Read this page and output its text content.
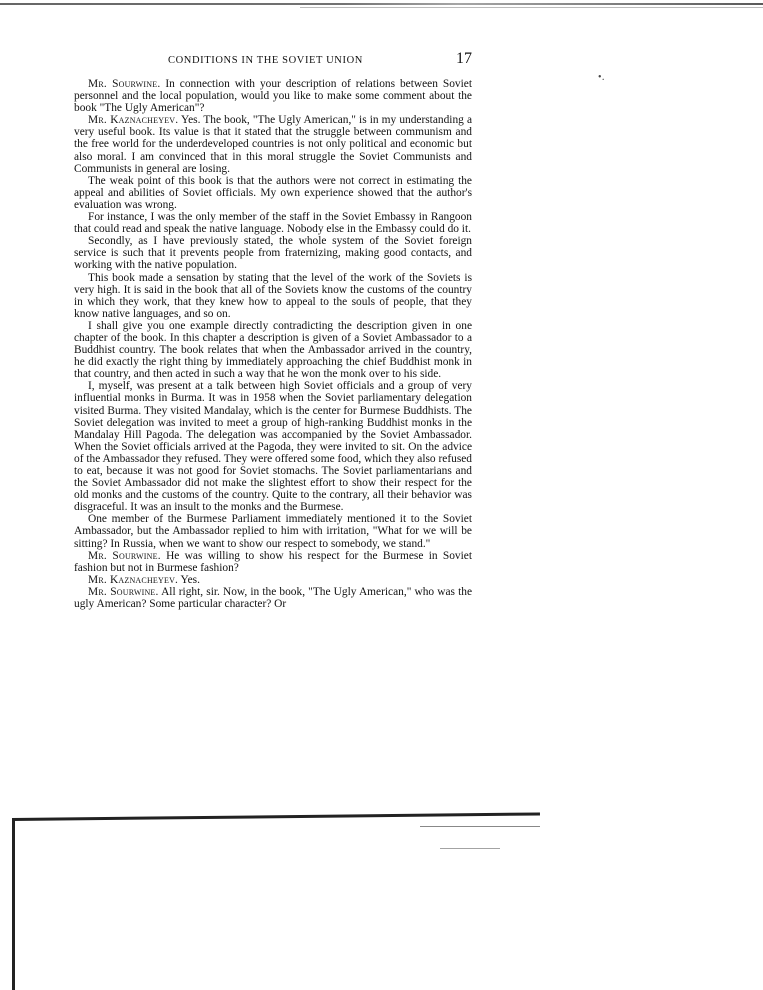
•․
CONDITIONS IN THE SOVIET UNION	17

Mr. Sourwine. In connection with your description of relations between Soviet personnel and the local population, would you like to make some comment about the book "The Ugly American"?

Mr. Kaznacheyev. Yes. The book, "The Ugly American," is in my understanding a very useful book. Its value is that it stated that the struggle between communism and the free world for the underdeveloped countries is not only political and economic but also moral. I am convinced that in this moral struggle the Soviet Communists and Communists in general are losing.

The weak point of this book is that the authors were not correct in estimating the appeal and abilities of Soviet officials. My own experience showed that the author's evaluation was wrong.

For instance, I was the only member of the staff in the Soviet Embassy in Rangoon that could read and speak the native language. Nobody else in the Embassy could do it.

Secondly, as I have previously stated, the whole system of the Soviet foreign service is such that it prevents people from fraternizing, making good contacts, and working with the native population.

This book made a sensation by stating that the level of the work of the Soviets is very high. It is said in the book that all of the Soviets know the customs of the country in which they work, that they knew how to appeal to the souls of people, that they know native languages, and so on.

I shall give you one example directly contradicting the description given in one chapter of the book. In this chapter a description is given of a Soviet Ambassador to a Buddhist country. The book relates that when the Ambassador arrived in the country, he did exactly the right thing by immediately approaching the chief Buddhist monk in that country, and then acted in such a way that he won the monk over to his side.

I, myself, was present at a talk between high Soviet officials and a group of very influential monks in Burma. It was in 1958 when the Soviet parliamentary delegation visited Burma. They visited Mandalay, which is the center for Burmese Buddhists. The Soviet delegation was invited to meet a group of high-ranking Buddhist monks in the Mandalay Hill Pagoda. The delegation was accompanied by the Soviet Ambassador. When the Soviet officials arrived at the Pagoda, they were invited to sit. On the advice of the Ambassador they refused. They were offered some food, which they also refused to eat, because it was not good for Soviet stomachs. The Soviet parliamentarians and the Soviet Ambassador did not make the slightest effort to show their respect for the old monks and the customs of the country. Quite to the contrary, all their behavior was disgraceful. It was an insult to the monks and the Burmese.

One member of the Burmese Parliament immediately mentioned it to the Soviet Ambassador, but the Ambassador replied to him with irritation, "What for we will be sitting? In Russia, when we want to show our respect to somebody, we stand."

Mr. Sourwine. He was willing to show his respect for the Burmese in Soviet fashion but not in Burmese fashion?

Mr. Kaznacheyev. Yes.

Mr. Sourwine. All right, sir. Now, in the book, "The Ugly American," who was the ugly American? Some particular character? Or
